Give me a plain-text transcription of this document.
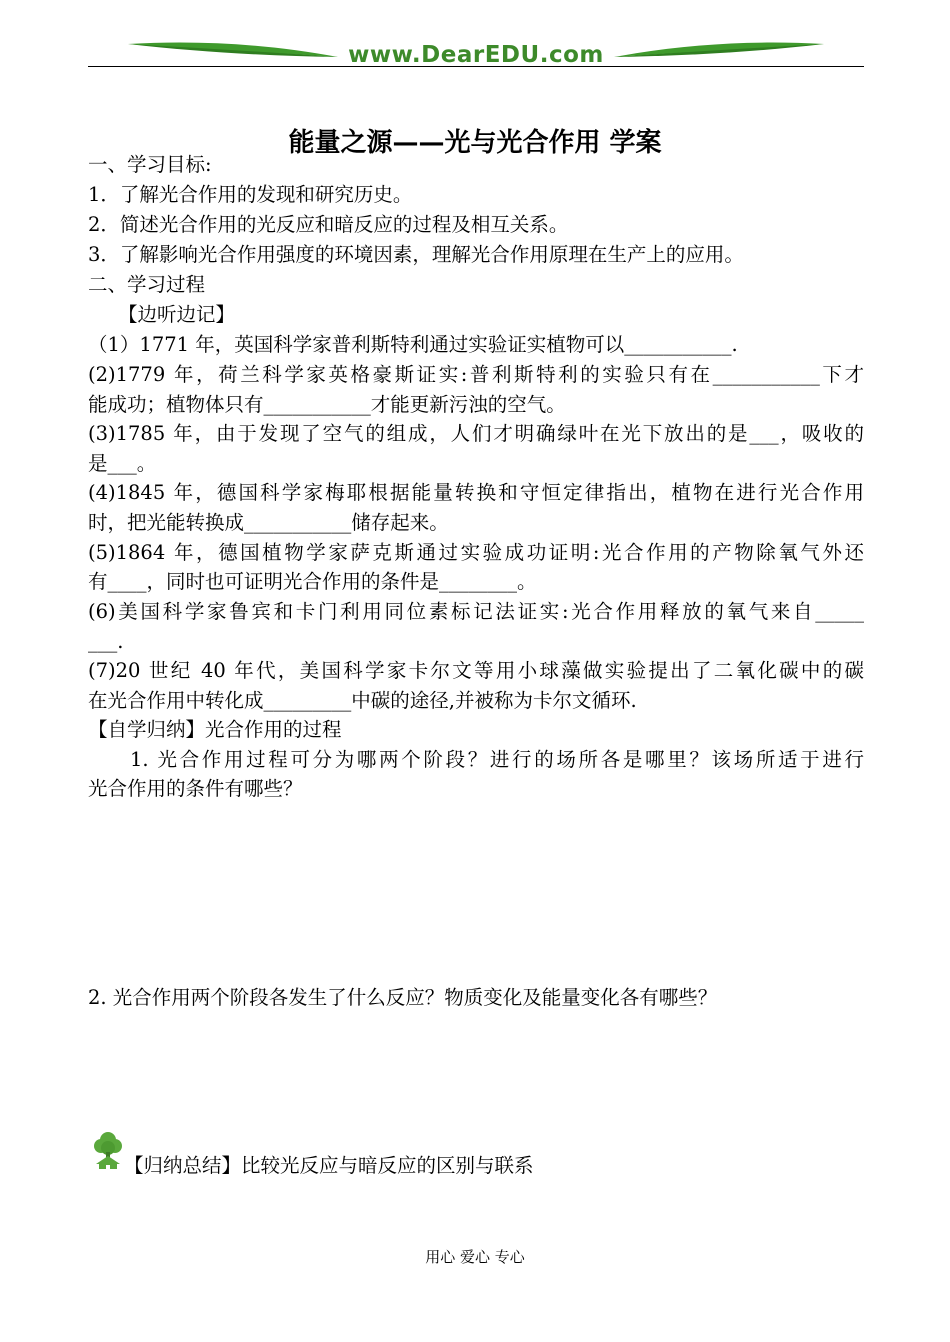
www.DearEDU.com
能量之源——光与光合作用 学案
一、学习目标:
1．了解光合作用的发现和研究历史。
2．简述光合作用的光反应和暗反应的过程及相互关系。
3．了解影响光合作用强度的环境因素，理解光合作用原理在生产上的应用。
二、学习过程
【边听边记】
（1）1771 年，英国科学家普利斯特利通过实验证实植物可以___________.
(2)1779 年，荷兰科学家英格豪斯证实:普利斯特利的实验只有在___________下才
能成功；植物体只有___________才能更新污浊的空气。
(3)1785 年，由于发现了空气的组成，人们才明确绿叶在光下放出的是___，吸收的
是___。
(4)1845 年，德国科学家梅耶根据能量转换和守恒定律指出，植物在进行光合作用
时，把光能转换成___________储存起来。
(5)1864 年，德国植物学家萨克斯通过实验成功证明:光合作用的产物除氧气外还
有____，同时也可证明光合作用的条件是________。
(6)美国科学家鲁宾和卡门利用同位素标记法证实:光合作用释放的氧气来自_____
___.
(7)20 世纪 40 年代，美国科学家卡尔文等用小球藻做实验提出了二氧化碳中的碳
在光合作用中转化成_________中碳的途径,并被称为卡尔文循环.
【自学归纳】光合作用的过程
1. 光合作用过程可分为哪两个阶段？进行的场所各是哪里？该场所适于进行
光合作用的条件有哪些？
2. 光合作用两个阶段各发生了什么反应？物质变化及能量变化各有哪些？
【归纳总结】比较光反应与暗反应的区别与联系
用心 爱心 专心
